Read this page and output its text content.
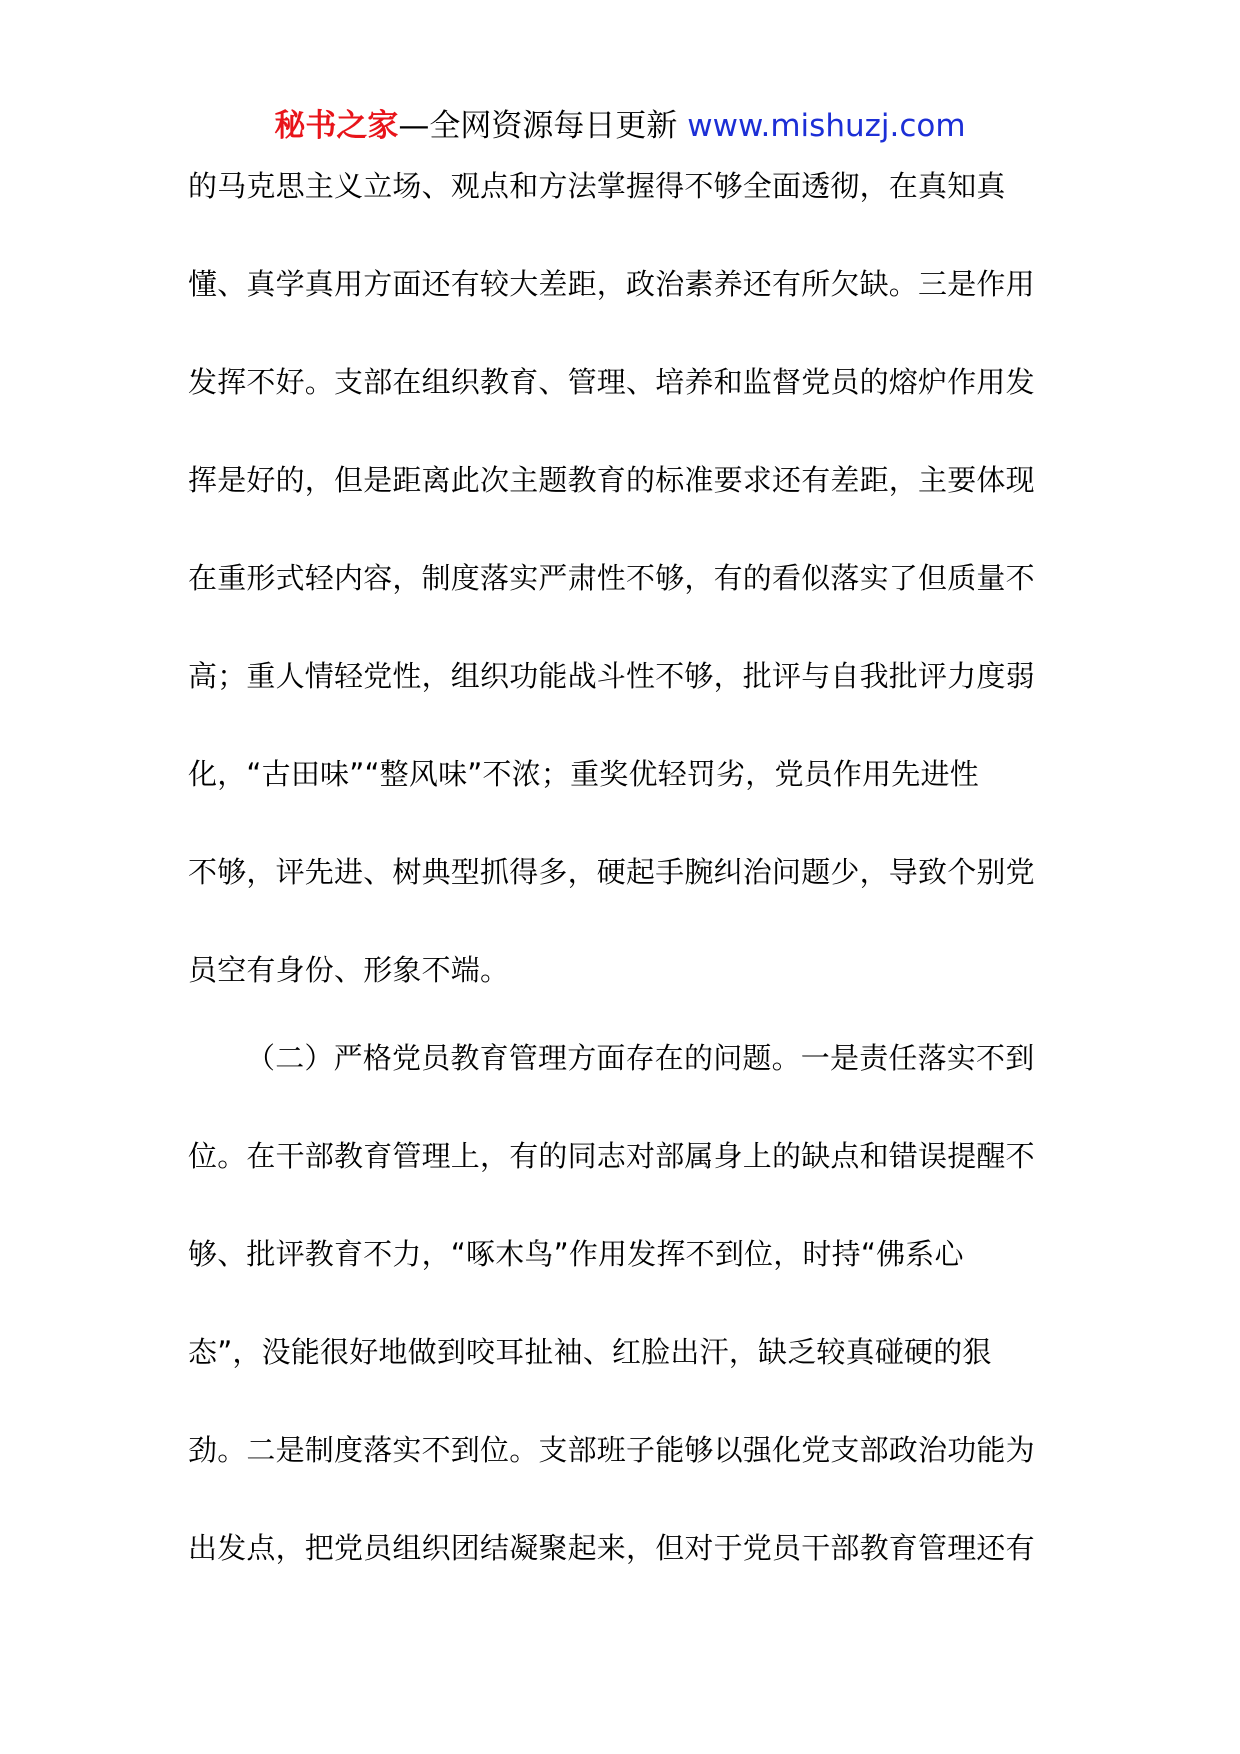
秘书之家—全网资源每日更新 www.mishuzj.com
的马克思主义立场、观点和方法掌握得不够全面透彻，在真知真
懂、真学真用方面还有较大差距，政治素养还有所欠缺。三是作用
发挥不好。支部在组织教育、管理、培养和监督党员的熔炉作用发
挥是好的，但是距离此次主题教育的标准要求还有差距，主要体现
在重形式轻内容，制度落实严肃性不够，有的看似落实了但质量不
高；重人情轻党性，组织功能战斗性不够，批评与自我批评力度弱
化，“古田味”“整风味”不浓；重奖优轻罚劣，党员作用先进性
不够，评先进、树典型抓得多，硬起手腕纠治问题少，导致个别党
员空有身份、形象不端。
（二）严格党员教育管理方面存在的问题。一是责任落实不到
位。在干部教育管理上，有的同志对部属身上的缺点和错误提醒不
够、批评教育不力，“啄木鸟”作用发挥不到位，时持“佛系心
态”，没能很好地做到咬耳扯袖、红脸出汗，缺乏较真碰硬的狠
劲。二是制度落实不到位。支部班子能够以强化党支部政治功能为
出发点，把党员组织团结凝聚起来，但对于党员干部教育管理还有
